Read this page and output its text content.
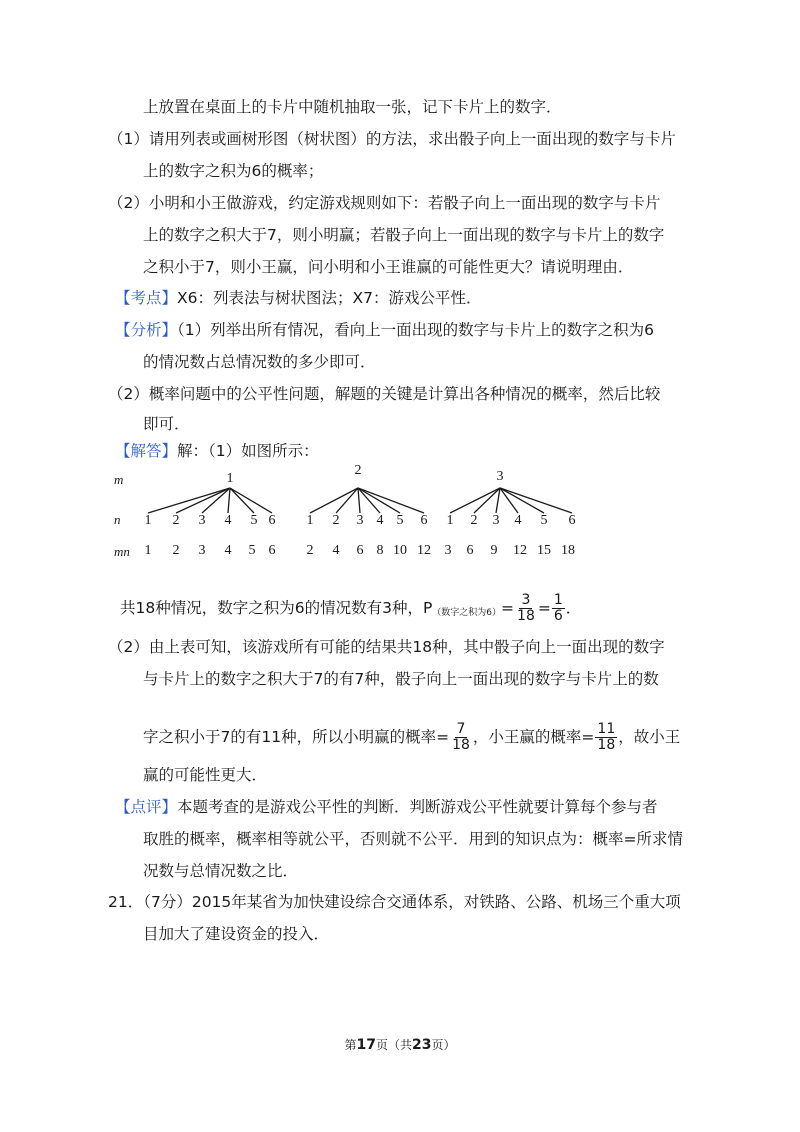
上放置在桌面上的卡片中随机抽取一张，记下卡片上的数字．
（1）请用列表或画树形图（树状图）的方法，求出骰子向上一面出现的数字与卡片
上的数字之积为6的概率；
（2）小明和小王做游戏，约定游戏规则如下：若骰子向上一面出现的数字与卡片
上的数字之积大于7，则小明赢；若骰子向上一面出现的数字与卡片上的数字
之积小于7，则小王赢，问小明和小王谁赢的可能性更大？请说明理由．
【考点】X6：列表法与树状图法；X7：游戏公平性．
【分析】（1）列举出所有情况，看向上一面出现的数字与卡片上的数字之积为6
的情况数占总情况数的多少即可．
（2）概率问题中的公平性问题，解题的关键是计算出各种情况的概率，然后比较
即可．
【解答】解：（1）如图所示：
m
n
mn
1
1 2 3 4 5 6
1 2 3 4 5 6
2
1 2 3 4 5 6
2 4 6 8 10 12
3
1 2 3 4 5 6
3 6 9 12 15 18
共18种情况，数字之积为6的情况数有3种，$P_{(数字之积为6)}= \frac{3}{18} = \frac{1}{6}$ ．
（2）由上表可知，该游戏所有可能的结果共18种，其中骰子向上一面出现的数字
与卡片上的数字之积大于7的有7种，骰子向上一面出现的数字与卡片上的数
字之积小于7的有11种，所以小明赢的概率= $\frac{7}{18}$ ，小王赢的概率= $\frac{11}{18}$ ，故小王
赢的可能性更大．
【点评】本题考查的是游戏公平性的判断．判断游戏公平性就要计算每个参与者
取胜的概率，概率相等就公平，否则就不公平．用到的知识点为：概率=所求情
况数与总情况数之比．
21．（7分）2015年某省为加快建设综合交通体系，对铁路、公路、机场三个重大项
目加大了建设资金的投入．
第17页（共23页）
